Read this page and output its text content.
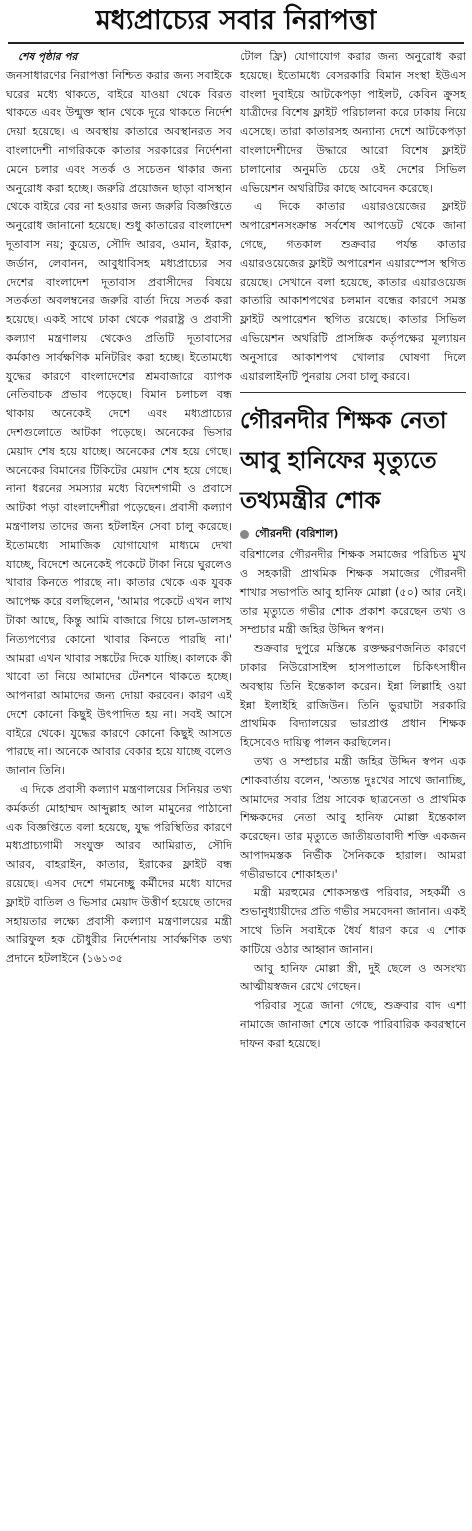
মধ্যপ্রাচ্যের সবার নিরাপত্তা
শেষ পৃষ্ঠার পর

জনসাধারণের নিরাপত্তা নিশ্চিত করার জন্য সবাইকে ঘরের মধ্যে থাকতে, বাইরে যাওয়া থেকে বিরত থাকতে এবং উন্মুক্ত স্থান থেকে দূরে থাকতে নির্দেশ দেয়া হয়েছে। এ অবস্থায় কাতারে অবস্থানরত সব বাংলাদেশী নাগরিককে কাতার সরকারের নির্দেশনা মেনে চলার এবং সতর্ক ও সচেতন থাকার জন্য অনুরোধ করা হচ্ছে। জরুরি প্রয়োজন ছাড়া বাসস্থান থেকে বাইরে বের না হওয়ার জন্য জরুরি বিজ্ঞপ্তিতে অনুরোধ জানানো হয়েছে। শুধু কাতারের বাংলাদেশ দূতাবাস নয়; কুয়েত, সৌদি আরব, ওমান, ইরাক, জর্ডান, লেবানন, আবুধাবিসহ মধ্যপ্রাচ্যের সব দেশের বাংলাদেশ দূতাবাস প্রবাসীদের বিষয়ে সতর্কতা অবলম্বনের জরুরি বার্তা দিয়ে সতর্ক করা হয়েছে। একই সাথে ঢাকা থেকে পররাষ্ট্র ও প্রবাসী কল্যাণ মন্ত্রণালয় থেকেও প্রতিটি দূতাবাসের কর্মকাণ্ড সার্বক্ষণিক মনিটরিং করা হচ্ছে। ইতোমধ্যে যুদ্ধের কারণে বাংলাদেশের শ্রমবাজারে ব্যাপক নেতিবাচক প্রভাব পড়েছে। বিমান চলাচল বন্ধ থাকায় অনেকেই দেশে এবং মধ্যপ্রাচ্যের দেশগুলোতে আটকা পড়েছে। অনেকের ভিসার মেয়াদ শেষ হয়ে যাচ্ছে। অনেকের শেষ হয়ে গেছে। অনেকের বিমানের টিকিটের মেয়াদ শেষ হয়ে গেছে। নানা ধরনের সমস্যার মধ্যে বিদেশগামী ও প্রবাসে আটকা পড়া বাংলাদেশীরা পড়েছেন। প্রবাসী কল্যাণ মন্ত্রণালয় তাদের জন্য হটলাইন সেবা চালু করেছে। ইতোমধ্যে সামাজিক যোগাযোগ মাধ্যমে দেখা যাচ্ছে, বিদেশে অনেকেই পকেটে টাকা নিয়ে ঘুরলেও খাবার কিনতে পারছে না। কাতার থেকে এক যুবক আপেক্ষ করে বলছিলেন, 'আমার পকেটে এখন লাখ টাকা আছে, কিন্তু আমি বাজারে গিয়ে চাল-ডালসহ নিত্যপণ্যের কোনো খাবার কিনতে পারছি না।' আমরা এখন খাবার সঙ্কটের দিকে যাচ্ছি। কালকে কী খাবো তা নিয়ে আমাদের টেনশনে থাকতে হচ্ছে। আপনারা আমাদের জন্য দোয়া করবেন। কারণ এই দেশে কোনো কিছুই উৎপাদিত হয় না। সবই আসে বাইরে থেকে। যুদ্ধের কারণে কোনো কিছুই আসতে পারছে না। অনেকে আবার বেকার হয়ে যাচ্ছে বলেও জানান তিনি।

এ দিকে প্রবাসী কল্যাণ মন্ত্রণালয়ের সিনিয়র তথ্য কর্মকর্তা মোহাম্মদ আব্দুল্লাহ আল মামুনের পাঠানো এক বিজ্ঞপ্তিতে বলা হয়েছে, যুদ্ধ পরিস্থিতির কারণে মধ্যপ্রাচ্যগামী সংযুক্ত আরব আমিরাত, সৌদি আরব, বাহরাইন, কাতার, ইরাকের ফ্লাইট বন্ধ রয়েছে। এসব দেশে গমনেচ্ছু কর্মীদের মধ্যে যাদের ফ্লাইট বাতিল ও ভিসার মেয়াদ উত্তীর্ণ হয়েছে তাদের সহায়তার লক্ষ্যে প্রবাসী কল্যাণ মন্ত্রণালয়ের মন্ত্রী আরিফুল হক চৌধুরীর নির্দেশনায় সার্বক্ষণিক তথ্য প্রদানে হটলাইনে (১৬১৩৫

টোল ফ্রি) যোগাযোগ করার জন্য অনুরোধ করা হয়েছে। ইতোমধ্যে বেসরকারি বিমান সংস্থা ইউএস বাংলা দুবাইয়ে আটকেপড়া পাইলট, কেবিন ক্রুসহ যাত্রীদের বিশেষ ফ্লাইট পরিচালনা করে ঢাকায় নিয়ে এসেছে। তারা কাতারসহ অন্যান্য দেশে আটকেপড়া বাংলাদেশীদের উদ্ধারে আরো বিশেষ ফ্লাইট চালানোর অনুমতি চেয়ে ওই দেশের সিভিল এভিয়েশন অথরিটির কাছে আবেদন করেছে।

এ দিকে কাতার এয়ারওয়েজের ফ্লাইট অপারেশনসংক্রান্ত সর্বশেষ আপডেট থেকে জানা গেছে, গতকাল শুক্রবার পর্যন্ত কাতার এয়ারওয়েজের ফ্লাইট অপারেশন এয়ারস্পেস স্থগিত রয়েছে। সেখানে বলা হয়েছে, কাতার এয়ারওয়েজ কাতারি আকাশপথের চলমান বন্ধের কারণে সমস্ত ফ্লাইট অপারেশন স্থগিত রয়েছে। কাতার সিভিল এভিয়েশন অথরিটি প্রাসঙ্গিক কর্তৃপক্ষের মূল্যায়ন অনুসারে আকাশপথ খোলার ঘোষণা দিলে এয়ারলাইনটি পুনরায় সেবা চালু করবে।

গৌরনদীর শিক্ষক নেতা
আবু হানিফের মৃত্যুতে
তথ্যমন্ত্রীর শোক
গৌরনদী (বরিশাল)

বরিশালের গৌরনদীর শিক্ষক সমাজের পরিচিত মুখ ও সহকারী প্রাথমিক শিক্ষক সমাজের গৌরনদী শাখার সভাপতি আবু হানিফ মোল্লা (৫০) আর নেই। তার মৃত্যুতে গভীর শোক প্রকাশ করেছেন তথ্য ও সম্প্রচার মন্ত্রী জহির উদ্দিন স্বপন।

শুক্রবার দুপুরে মস্তিষ্কে রক্তক্ষরণজনিত কারণে ঢাকার নিউরোসাইন্স হাসপাতালে চিকিৎসাধীন অবস্থায় তিনি ইন্তেকাল করেন। ইন্না লিল্লাহি ওয়া ইন্না ইলাইহি রাজিউন। তিনি ভুরঘাটা সরকারি প্রাথমিক বিদ্যালয়ের ভারপ্রাপ্ত প্রধান শিক্ষক হিসেবেও দায়িত্ব পালন করছিলেন।

তথ্য ও সম্প্রচার মন্ত্রী জহির উদ্দিন স্বপন এক শোকবার্তায় বলেন, 'অত্যন্ত দুঃখের সাথে জানাচ্ছি, আমাদের সবার প্রিয় সাবেক ছাত্রনেতা ও প্রাথমিক শিক্ষকদের নেতা আবু হানিফ মোল্লা ইন্তেকাল করেছেন। তার মৃত্যুতে জাতীয়তাবাদী শক্তি একজন আপাদমস্তক নির্ভীক সৈনিককে হারাল। আমরা গভীরভাবে শোকাহত।'

মন্ত্রী মরহুমের শোকসন্তপ্ত পরিবার, সহকর্মী ও শুভানুধ্যায়ীদের প্রতি গভীর সমবেদনা জানান। একই সাথে তিনি সবাইকে ধৈর্য ধারণ করে এ শোক কাটিয়ে ওঠার আহ্বান জানান।

আবু হানিফ মোল্লা স্ত্রী, দুই ছেলে ও অসংখ্য আত্মীয়স্বজন রেখে গেছেন।

পরিবার সূত্রে জানা গেছে, শুক্রবার বাদ এশা নামাজে জানাজা শেষে তাকে পারিবারিক কবরস্থানে দাফন করা হয়েছে।
